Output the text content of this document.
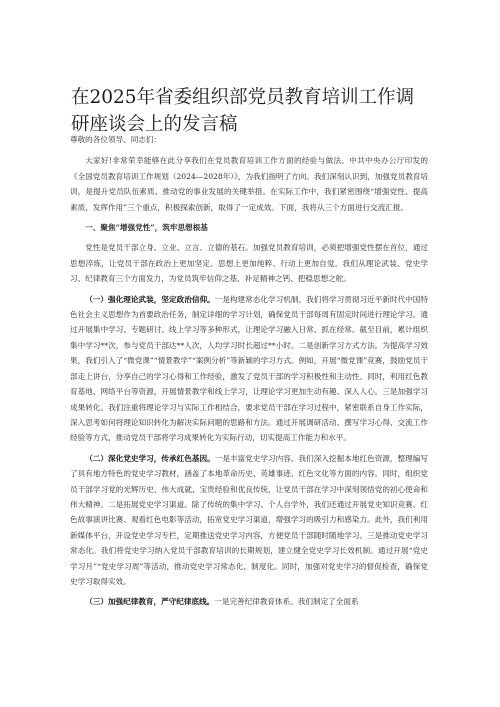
在2025年省委组织部党员教育培训工作调研座谈会上的发言稿

尊敬的各位领导、同志们：

大家好!非常荣幸能够在此分享我们在党员教育培训工作方面的经验与做法。中共中央办公厅印发的《全国党员教育培训工作规划（2024—2028年）》，为我们指明了方向。我们深刻认识到，加强党员教育培训，是提升党员队伍素质、推动党的事业发展的关键举措。在实际工作中，我们紧密围绕“增强党性、提高素质、发挥作用”三个重点，积极探索创新，取得了一定成效。下面，我将从三个方面进行交流汇报。

一、聚焦“增强党性”，筑牢思想根基

党性是党员干部立身、立业、立言、立德的基石。加强党员教育培训，必须把增强党性摆在首位，通过思想淬炼，让党员干部在政治上更加坚定、思想上更加纯粹、行动上更加自觉。我们从理论武装、党史学习、纪律教育三个方面发力，为党员筑牢信仰之基、补足精神之钙、把稳思想之舵。

（一）强化理论武装，坚定政治信仰。一是构建常态化学习机制。我们将学习贯彻习近平新时代中国特色社会主义思想作为首要政治任务，制定详细的学习计划，确保党员干部每周有固定时间进行理论学习。通过开展集中学习、专题研讨、线上学习等多种形式，让理论学习融入日常、抓在经常。截至目前，累计组织集中学习**次，参与党员干部达**人次，人均学习时长超过**小时。二是创新学习方式方法。为提高学习效果，我们引入了“微党课”“情景教学”“案例分析”等新颖的学习方式。例如，开展“微党课”竞赛，鼓励党员干部走上讲台，分享自己的学习心得和工作经验，激发了党员干部的学习积极性和主动性。同时，利用红色教育基地、网络平台等资源，开展情景教学和线上学习，让理论学习更加生动有趣、深入人心。三是加强学习成果转化。我们注重将理论学习与实际工作相结合，要求党员干部在学习过程中，紧密联系自身工作实际，深入思考如何将理论知识转化为解决实际问题的思路和方法。通过开展调研活动、撰写学习心得、交流工作经验等方式，推动党员干部将学习成果转化为实际行动，切实提高工作能力和水平。

（二）深化党史学习，传承红色基因。一是丰富党史学习内容。我们深入挖掘本地红色资源，整理编写了具有地方特色的党史学习教材，涵盖了本地革命历史、英雄事迹、红色文化等方面的内容。同时，组织党员干部学习党的光辉历史、伟大成就、宝贵经验和优良传统，让党员干部在学习中深刻领悟党的初心使命和伟大精神。二是拓展党史学习渠道。除了传统的集中学习、个人自学外，我们还通过开展党史知识竞赛、红色故事演讲比赛、观看红色电影等活动，拓宽党史学习渠道，增强学习的吸引力和感染力。此外，我们利用新媒体平台，开设党史学习专栏，定期推送党史学习内容，方便党员干部随时随地学习。三是推动党史学习常态化。我们将党史学习纳入党员干部教育培训的长期规划，建立健全党史学习长效机制。通过开展“党史学习月”“党史学习周”等活动，推动党史学习常态化、制度化。同时，加强对党史学习的督促检查，确保党史学习取得实效。

（三）加强纪律教育，严守纪律底线。一是完善纪律教育体系。我们制定了全面系
